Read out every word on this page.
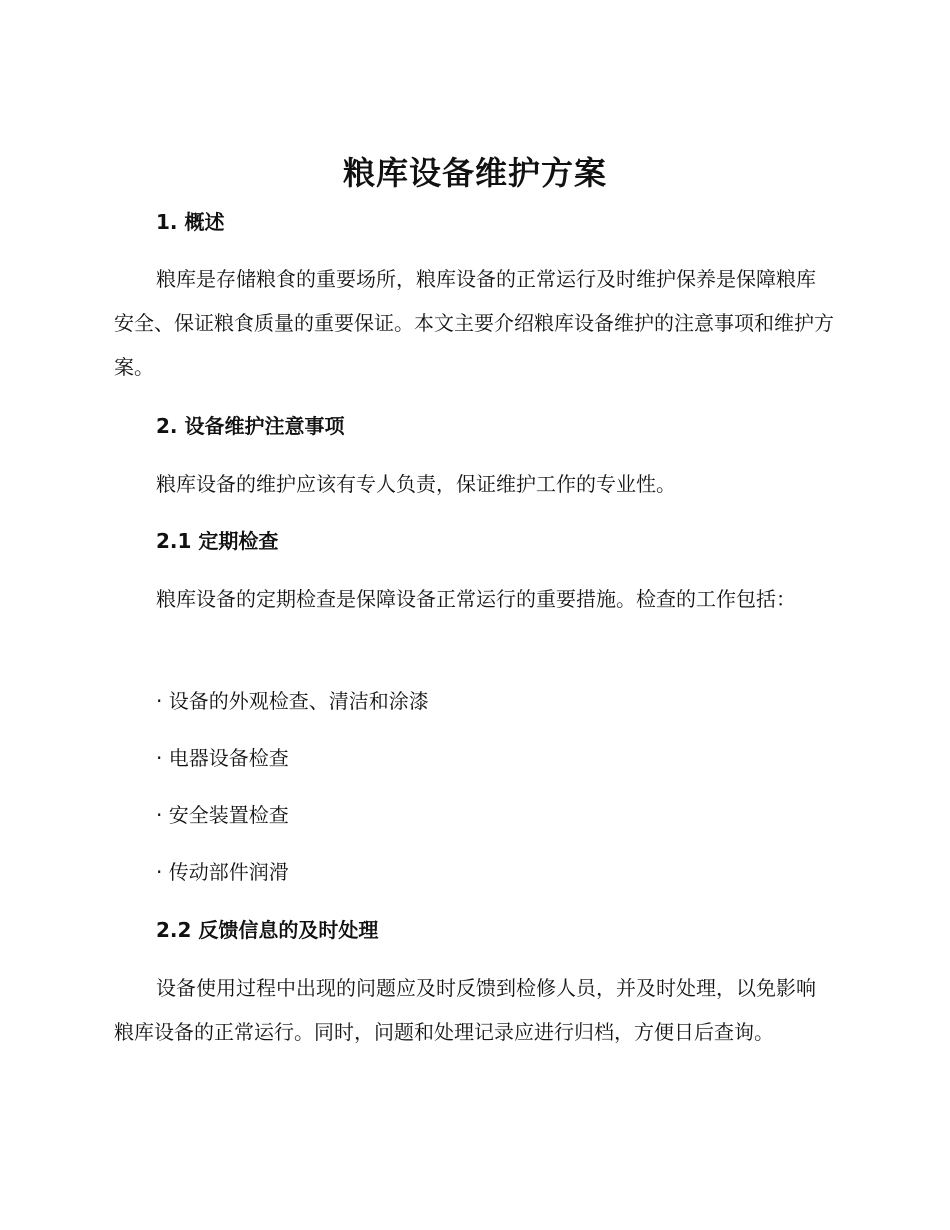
粮库设备维护方案
1. 概述

粮库是存储粮食的重要场所，粮库设备的正常运行及时维护保养是保障粮库安全、保证粮食质量的重要保证。本文主要介绍粮库设备维护的注意事项和维护方案。

2. 设备维护注意事项

粮库设备的维护应该有专人负责，保证维护工作的专业性。

2.1 定期检查

粮库设备的定期检查是保障设备正常运行的重要措施。检查的工作包括：

· 设备的外观检查、清洁和涂漆
· 电器设备检查
· 安全装置检查
· 传动部件润滑
2.2 反馈信息的及时处理

设备使用过程中出现的问题应及时反馈到检修人员，并及时处理，以免影响粮库设备的正常运行。同时，问题和处理记录应进行归档，方便日后查询。
